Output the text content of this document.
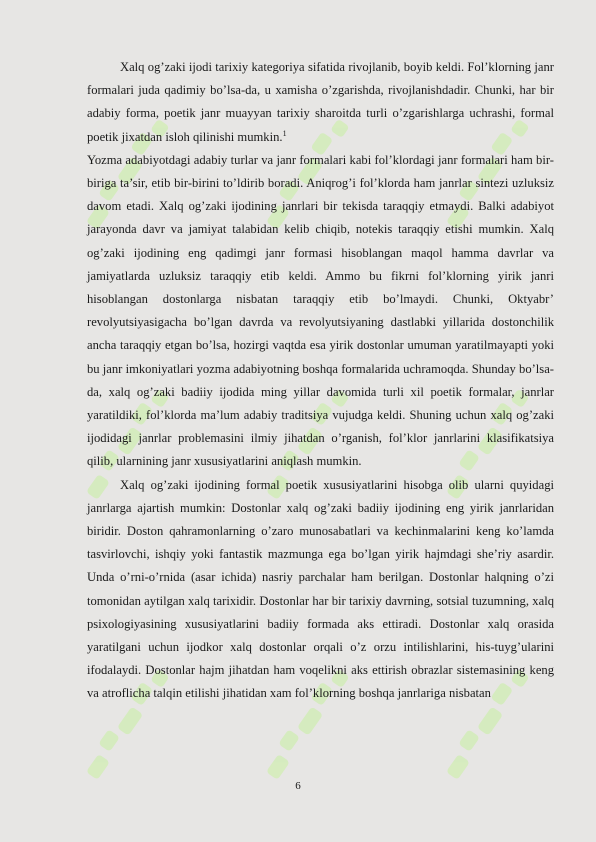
Xalq og’zaki ijodi tarixiy kategoriya sifatida rivojlanib, boyib keldi. Fol’klorning janr formalari juda qadimiy bo’lsa-da, u xamisha o’zgarishda, rivojlanishdadir. Chunki, har bir adabiy forma, poetik janr muayyan tarixiy sharoitda turli o’zgarishlarga uchrashi, formal poetik jixatdan isloh qilinishi mumkin.$^1$

Yozma adabiyotdagi adabiy turlar va janr formalari kabi fol’klordagi janr formalari ham bir-biriga ta’sir, etib bir-birini to’ldirib boradi. Aniqrog’i fol’klorda ham janrlar sintezi uzluksiz davom etadi. Xalq og’zaki ijodining janrlari bir tekisda taraqqiy etmaydi. Balki adabiyot jarayonda davr va jamiyat talabidan kelib chiqib, notekis taraqqiy etishi mumkin. Xalq og’zaki ijodining eng qadimgi janr formasi hisoblangan maqol hamma davrlar va jamiyatlarda uzluksiz taraqqiy etib keldi. Ammo bu fikrni fol’klorning yirik janri hisoblangan dostonlarga nisbatan taraqqiy etib bo’lmaydi. Chunki, Oktyabr’ revolyutsiyasigacha bo’lgan davrda va revolyutsiyaning dastlabki yillarida dostonchilik ancha taraqqiy etgan bo’lsa, hozirgi vaqtda esa yirik dostonlar umuman yaratilmayapti yoki bu janr imkoniyatlari yozma adabiyotning boshqa formalarida uchramoqda. Shunday bo’lsa-da, xalq og’zaki badiiy ijodida ming yillar davomida turli xil poetik formalar, janrlar yaratildiki, fol’klorda ma’lum adabiy traditsiya vujudga keldi. Shuning uchun xalq og’zaki ijodidagi janrlar problemasini ilmiy jihatdan o’rganish, fol’klor janrlarini klasifikatsiya qilib, ularnining janr xususiyatlarini aniqlash mumkin.

Xalq og’zaki ijodining formal poetik xususiyatlarini hisobga olib ularni quyidagi janrlarga ajartish mumkin: Dostonlar xalq og’zaki badiiy ijodining eng yirik janrlaridan biridir. Doston qahramonlarning o’zaro munosabatlari va kechinmalarini keng ko’lamda tasvirlovchi, ishqiy yoki fantastik mazmunga ega bo’lgan yirik hajmdagi she’riy asardir. Unda o’rni-o’rnida (asar ichida) nasriy parchalar ham berilgan. Dostonlar halqning o’zi tomonidan aytilgan xalq tarixidir. Dostonlar har bir tarixiy davrning, sotsial tuzumning, xalq psixologiyasining xususiyatlarini badiiy formada aks ettiradi. Dostonlar xalq orasida yaratilgani uchun ijodkor xalq dostonlar orqali o’z orzu intilishlarini, his-tuyg’ularini ifodalaydi. Dostonlar hajm jihatdan ham voqelikni aks ettirish obrazlar sistemasining keng va atroflicha talqin etilishi jihatidan xam fol’klorning boshqa janrlariga nisbatan

6
